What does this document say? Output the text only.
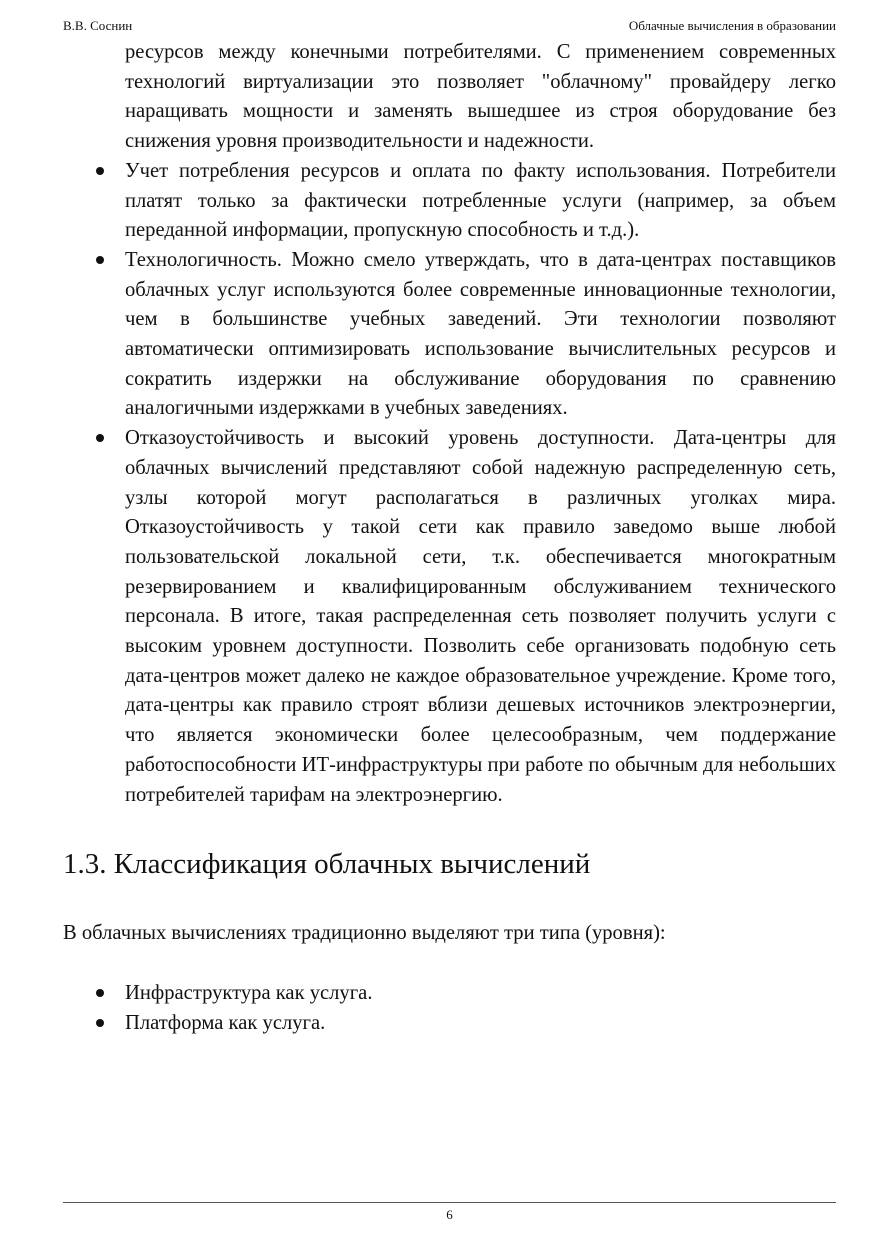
В.В. Соснин	Облачные вычисления в образовании
ресурсов между конечными потребителями. С применением современных технологий виртуализации это позволяет "облачному" провайдеру легко наращивать мощности и заменять вышедшее из строя оборудование без снижения уровня производительности и надежности.
Учет потребления ресурсов и оплата по факту использования. Потребители платят только за фактически потребленные услуги (например, за объем переданной информации, пропускную способность и т.д.).
Технологичность. Можно смело утверждать, что в дата-центрах поставщиков облачных услуг используются более современные инновационные технологии, чем в большинстве учебных заведений. Эти технологии позволяют автоматически оптимизировать использование вычислительных ресурсов и сократить издержки на обслуживание оборудования по сравнению аналогичными издержками в учебных заведениях.
Отказоустойчивость и высокий уровень доступности. Дата-центры для облачных вычислений представляют собой надежную распределенную сеть, узлы которой могут располагаться в различных уголках мира. Отказоустойчивость у такой сети как правило заведомо выше любой пользовательской локальной сети, т.к. обеспечивается многократным резервированием и квалифицированным обслуживанием технического персонала. В итоге, такая распределенная сеть позволяет получить услуги с высоким уровнем доступности. Позволить себе организовать подобную сеть дата-центров может далеко не каждое образовательное учреждение. Кроме того, дата-центры как правило строят вблизи дешевых источников электроэнергии, что является экономически более целесообразным, чем поддержание работоспособности ИТ-инфраструктуры при работе по обычным для небольших потребителей тарифам на электроэнергию.
1.3. Классификация облачных вычислений

В облачных вычислениях традиционно выделяют три типа (уровня):

Инфраструктура как услуга.
Платформа как услуга.
6
